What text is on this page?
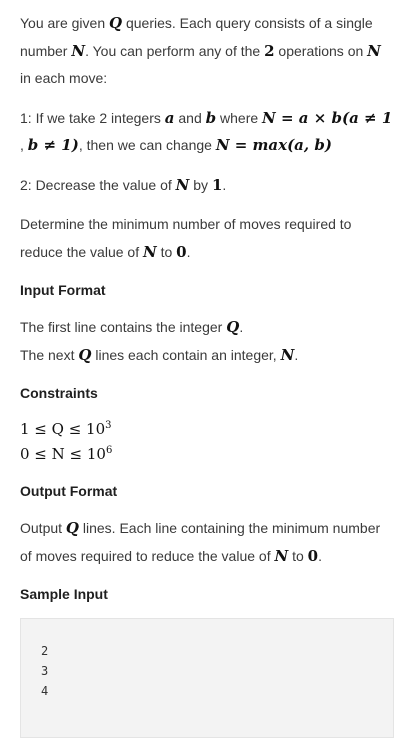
You are given Q queries. Each query consists of a single number N. You can perform any of the 2 operations on N in each move:

1: If we take 2 integers a and b where N = a × b(a ≠ 1
, b ≠ 1), then we can change N = max(a, b)

2: Decrease the value of N by 1.

Determine the minimum number of moves required to reduce the value of N to 0.

Input Format

The first line contains the integer Q.
The next Q lines each contain an integer, N.

Constraints
$1 \le Q \le 10^3$
$0 \le N \le 10^6$
Output Format

Output Q lines. Each line containing the minimum number of moves required to reduce the value of N to 0.

Sample Input
2
3
4
